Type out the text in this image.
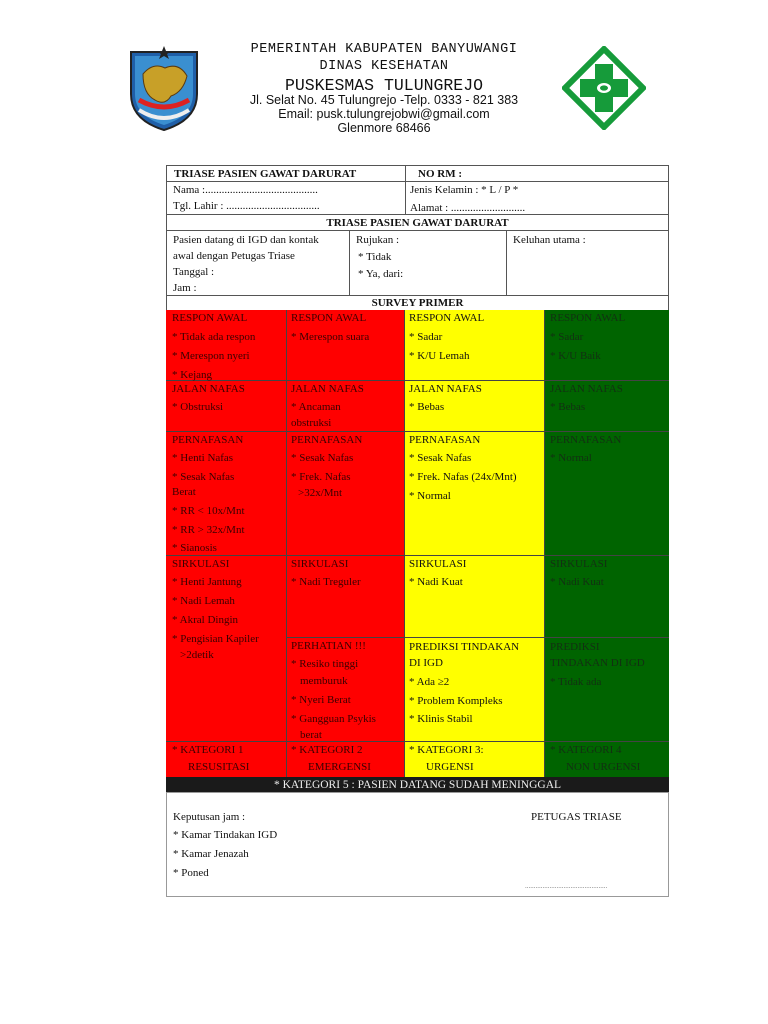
PEMERINTAH KABUPATEN BANYUWANGI
DINAS KESEHATAN
PUSKESMAS TULUNGREJO
Jl. Selat No. 45 Tulungrejo -Telp. 0333 - 821 383
Email: pusk.tulungrejobwi@gmail.com
Glenmore 68466
TRIASE PASIEN GAWAT DARURAT	NO RM :
Nama :.........................................
Tgl. Lahir : ..................................
Jenis Kelamin : * L / P *
Alamat : ...........................
TRIASE PASIEN GAWAT DARURAT
Pasien datang di IGD dan kontak
awal dengan Petugas Triase
Tanggal :
Jam :
Rujukan :
* Tidak
* Ya, dari:
Keluhan utama :
SURVEY PRIMER
RESPON AWAL
* Tidak ada respon
* Merespon nyeri
* Kejang
JALAN NAFAS
* Obstruksi
PERNAFASAN
* Henti Nafas
* Sesak Nafas
Berat
* RR < 10x/Mnt
* RR > 32x/Mnt
* Sianosis
SIRKULASI
* Henti Jantung
* Nadi Lemah
* Akral Dingin
* Pengisian Kapiler
>2detik
* KATEGORI 1
RESUSITASI
RESPON AWAL
* Merespon suara
JALAN NAFAS
* Ancaman
obstruksi
PERNAFASAN
* Sesak Nafas
* Frek. Nafas
>32x/Mnt
SIRKULASI
* Nadi Treguler
PERHATIAN !!!
* Resiko tinggi
memburuk
* Nyeri Berat
* Gangguan Psykis
berat
* KATEGORI 2
EMERGENSI
RESPON AWAL
* Sadar
* K/U Lemah
JALAN NAFAS
* Bebas
PERNAFASAN
* Sesak Nafas
* Frek. Nafas (24x/Mnt)
* Normal
SIRKULASI
* Nadi Kuat
PREDIKSI TINDAKAN
DI IGD
* Ada ≥2
* Problem Kompleks
* Klinis Stabil
* KATEGORI 3:
URGENSI
RESPON AWAL
* Sadar
* K/U Baik
JALAN NAFAS
* Bebas
PERNAFASAN
* Normal
SIRKULASI
* Nadi Kuat
PREDIKSI
TINDAKAN DI IGD
* Tidak ada
* KATEGORI 4
NON URGENSI
* KATEGORI 5 : PASIEN DATANG SUDAH MENINGGAL
Keputusan jam :
* Kamar Tindakan IGD
* Kamar Jenazah
* Poned
PETUGAS TRIASE
...............................................
